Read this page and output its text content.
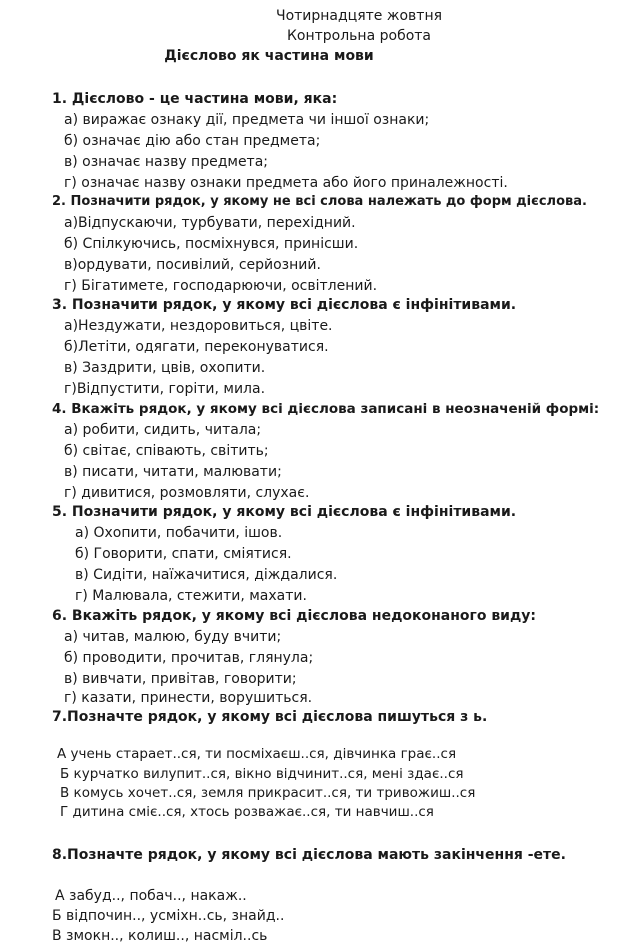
Чотирнадцяте жовтня
Контрольна робота
Дієслово як частина мови
1. Дієслово - це частина мови, яка:
а) виражає ознаку дії, предмета чи іншої ознаки;
б) означає дію або стан предмета;
в) означає назву предмета;
г) означає назву ознаки предмета або його приналежності.
2. Позначити рядок, у якому не всі слова належать до форм дієслова.
а)Відпускаючи, турбувати, перехідний.
б) Спілкуючись, посміхнувся, принісши.
в)ордувати, посивілий, серйозний.
г) Бігатимете, господарюючи, освітлений.
3. Позначити рядок, у якому всі дієслова є інфінітивами.
а)Нездужати, нездоровиться, цвіте.
б)Летіти, одягати, переконуватися.
в) Заздрити, цвів, охопити.
г)Відпустити, горіти, мила.
4. Вкажіть рядок, у якому всі дієслова записані в неозначеній формі:
а) робити, сидить, читала;
б) світає, співають, світить;
в) писати, читати, малювати;
г) дивитися, розмовляти, слухає.
5. Позначити рядок, у якому всі дієслова є інфінітивами.
а) Охопити, побачити, ішов.
б) Говорити, спати, сміятися.
в) Сидіти, наїжачитися, діждалися.
г) Малювала, стежити, махати.
6. Вкажіть рядок, у якому всі дієслова недоконаного виду:
а) читав, малюю, буду вчити;
б) проводити, прочитав, глянула;
в) вивчати, привітав, говорити;
г) казати, принести, ворушиться.
7.Позначте рядок, у якому всі дієслова пишуться з ь.
А учень старает..ся, ти посміхаєш..ся, дівчинка грає..ся
Б курчатко вилупит..ся, вікно відчинит..ся, мені здає..ся
В комусь хочет..ся, земля прикрасит..ся, ти тривожиш..ся
Г дитина сміє..ся, хтось розважає..ся, ти навчиш..ся
8.Позначте рядок, у якому всі дієслова мають закінчення -ете.
А забуд.., побач.., накаж..
Б відпочин.., усміхн..сь, знайд..
В змокн.., колиш.., насміл..сь
